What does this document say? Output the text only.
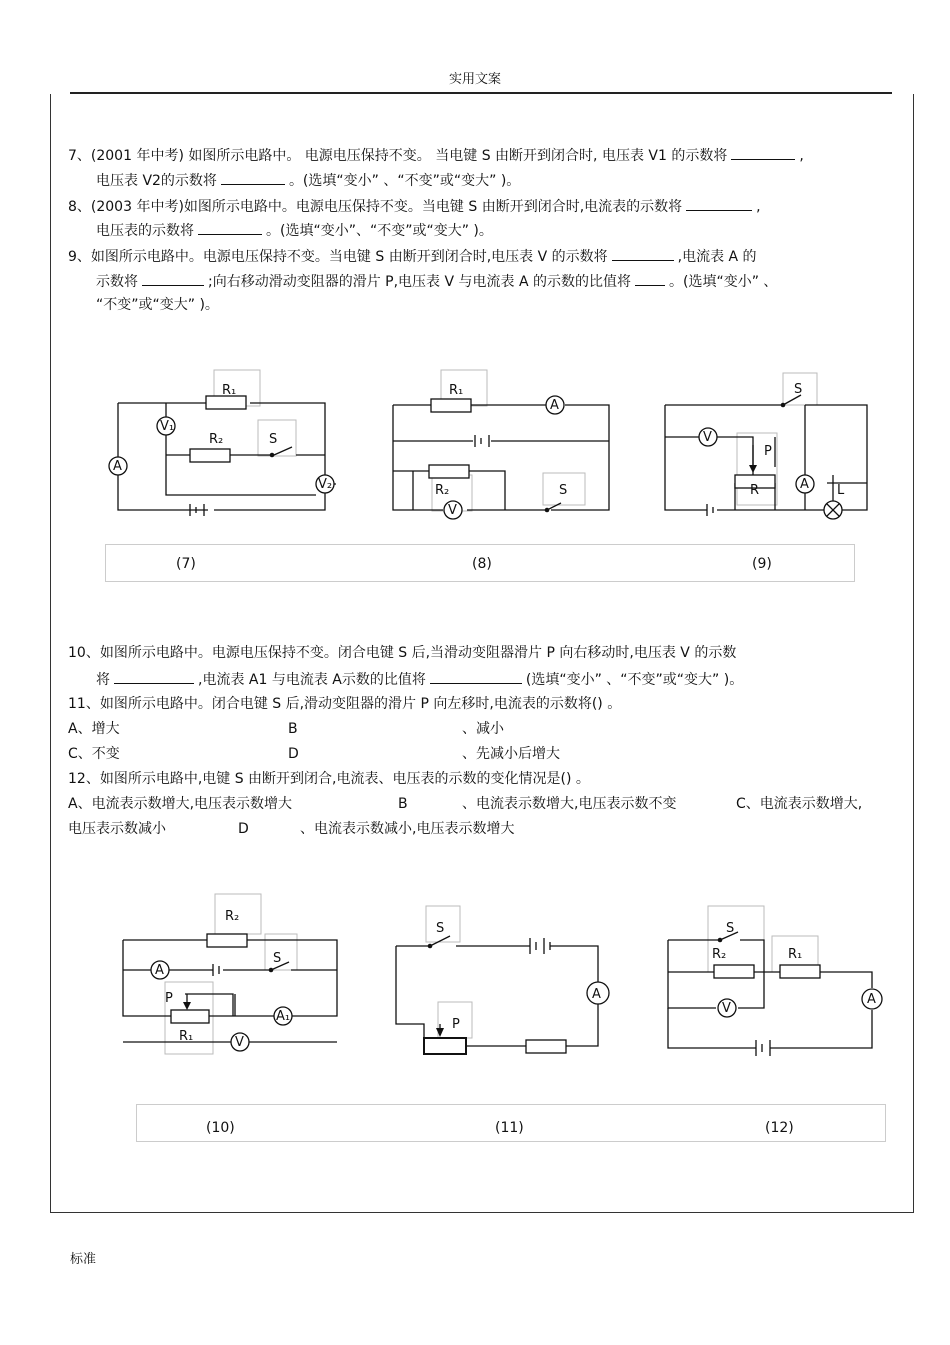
实用文案
7、(2001 年中考) 如图所示电路中。 电源电压保持不变。 当电键 S 由断开到闭合时, 电压表 V1 的示数将	,
电压表 V2的示数将	。(选填“变小” 、“不变”或“变大” )。
8、(2003 年中考)如图所示电路中。电源电压保持不变。当电键 S 由断开到闭合时,电流表的示数将	,
电压表的示数将	。(选填“变小”、“不变”或“变大” )。
9、如图所示电路中。电源电压保持不变。当电键 S 由断开到闭合时,电压表 V 的示数将	,电流表 A 的
示数将	;向右移动滑动变阻器的滑片 P,电压表 V 与电流表 A 的示数的比值将	。(选填“变小” 、
“不变”或“变大” )。
R₁
R₂	S
A
V₁
V₂
R₁
R₂	S
A
V
S
P
R	L
V
A
(7)	(8)	(9)
10、如图所示电路中。电源电压保持不变。闭合电键 S 后,当滑动变阻器滑片 P 向右移动时,电压表 V 的示数
将	,电流表 A1 与电流表 A示数的比值将	(选填“变小” 、“不变”或“变大” )。
11、如图所示电路中。闭合电键 S 后,滑动变阻器的滑片 P 向左移时,电流表的示数将() 。
A、增大	B	、减小
C、不变	D	、先减小后增大
12、如图所示电路中,电键 S 由断开到闭合,电流表、电压表的示数的变化情况是() 。
A、电流表示数增大,电压表示数增大	B	、电流表示数增大,电压表示数不变	C、电流表示数增大,
电压表示数减小	D	、电流表示数减小,电压表示数增大
R₂
S
P
R₁
A
A₁
V
S
P
A
S
R₂	R₁
V
A
(10)	(11)	(12)
标准
